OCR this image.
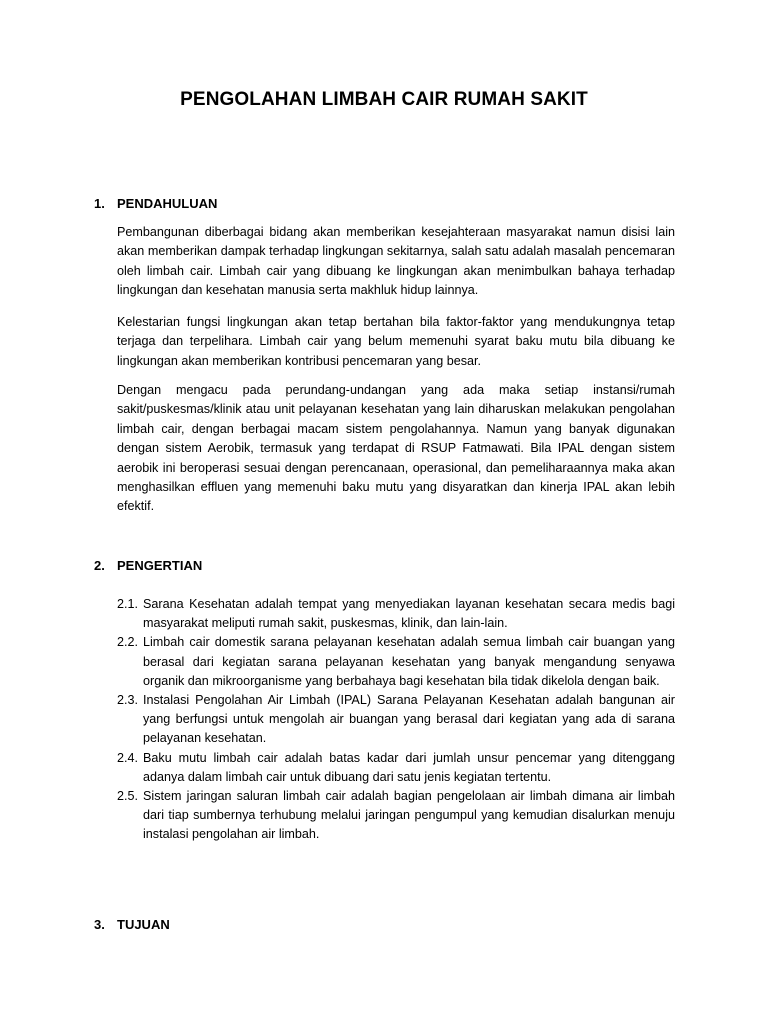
PENGOLAHAN LIMBAH CAIR RUMAH SAKIT
1. PENDAHULUAN

Pembangunan diberbagai bidang akan memberikan kesejahteraan masyarakat namun disisi lain akan memberikan dampak terhadap lingkungan sekitarnya, salah satu adalah masalah pencemaran oleh limbah cair. Limbah cair yang dibuang ke lingkungan akan menimbulkan bahaya terhadap lingkungan dan kesehatan manusia serta makhluk hidup lainnya.

Kelestarian fungsi lingkungan akan tetap bertahan bila faktor-faktor yang mendukungnya tetap terjaga dan terpelihara. Limbah cair yang belum memenuhi syarat baku mutu bila dibuang ke lingkungan akan memberikan kontribusi pencemaran yang besar.

Dengan mengacu pada perundang-undangan yang ada maka setiap instansi/rumah sakit/puskesmas/klinik atau unit pelayanan kesehatan yang lain diharuskan melakukan pengolahan limbah cair, dengan berbagai macam sistem pengolahannya. Namun yang banyak digunakan dengan sistem Aerobik, termasuk yang terdapat di RSUP Fatmawati. Bila IPAL dengan sistem aerobik ini beroperasi sesuai dengan perencanaan, operasional, dan pemeliharaannya maka akan menghasilkan effluen yang memenuhi baku mutu yang disyaratkan dan kinerja IPAL akan lebih efektif.

2. PENGERTIAN
2.1. Sarana Kesehatan adalah tempat yang menyediakan layanan kesehatan secara medis bagi masyarakat meliputi rumah sakit, puskesmas, klinik, dan lain-lain.
2.2. Limbah cair domestik sarana pelayanan kesehatan adalah semua limbah cair buangan yang berasal dari kegiatan sarana pelayanan kesehatan yang banyak mengandung senyawa organik dan mikroorganisme yang berbahaya bagi kesehatan bila tidak dikelola dengan baik.
2.3. Instalasi Pengolahan Air Limbah (IPAL) Sarana Pelayanan Kesehatan adalah bangunan air yang berfungsi untuk mengolah air buangan yang berasal dari kegiatan yang ada di sarana pelayanan kesehatan.
2.4. Baku mutu limbah cair adalah batas kadar dari jumlah unsur pencemar yang ditenggang adanya dalam limbah cair untuk dibuang dari satu jenis kegiatan tertentu.
2.5. Sistem jaringan saluran limbah cair adalah bagian pengelolaan air limbah dimana air limbah dari tiap sumbernya terhubung melalui jaringan pengumpul yang kemudian disalurkan menuju instalasi pengolahan air limbah.
3. TUJUAN
